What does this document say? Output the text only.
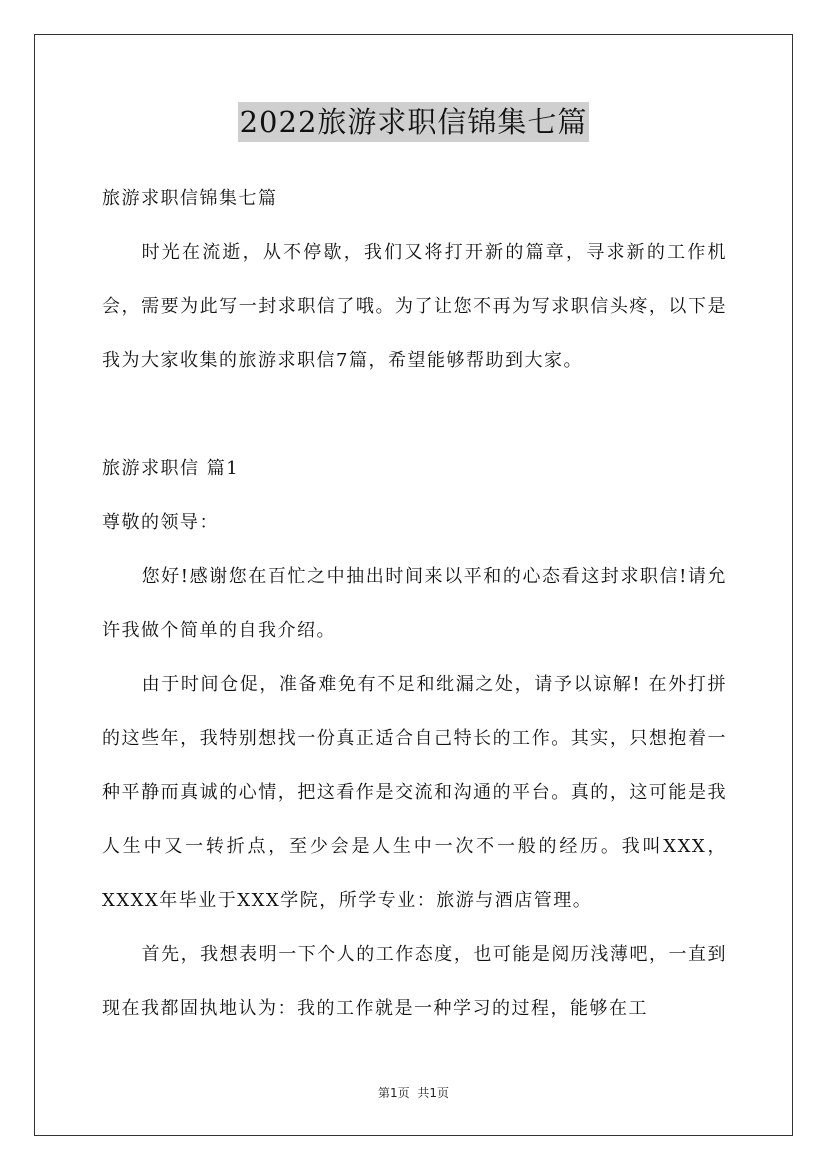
2022旅游求职信锦集七篇

旅游求职信锦集七篇

时光在流逝，从不停歇，我们又将打开新的篇章，寻求新的工作机会，需要为此写一封求职信了哦。为了让您不再为写求职信头疼，以下是我为大家收集的旅游求职信7篇，希望能够帮助到大家。

旅游求职信 篇1

尊敬的领导：

您好!感谢您在百忙之中抽出时间来以平和的心态看这封求职信!请允许我做个简单的自我介绍。

由于时间仓促，准备难免有不足和纰漏之处，请予以谅解! 在外打拼的这些年，我特别想找一份真正适合自己特长的工作。其实，只想抱着一种平静而真诚的心情，把这看作是交流和沟通的平台。真的，这可能是我人生中又一转折点，至少会是人生中一次不一般的经历。我叫XXX，XXXX年毕业于XXX学院，所学专业：旅游与酒店管理。

首先，我想表明一下个人的工作态度，也可能是阅历浅薄吧，一直到现在我都固执地认为：我的工作就是一种学习的过程，能够在工

第1页 共1页
